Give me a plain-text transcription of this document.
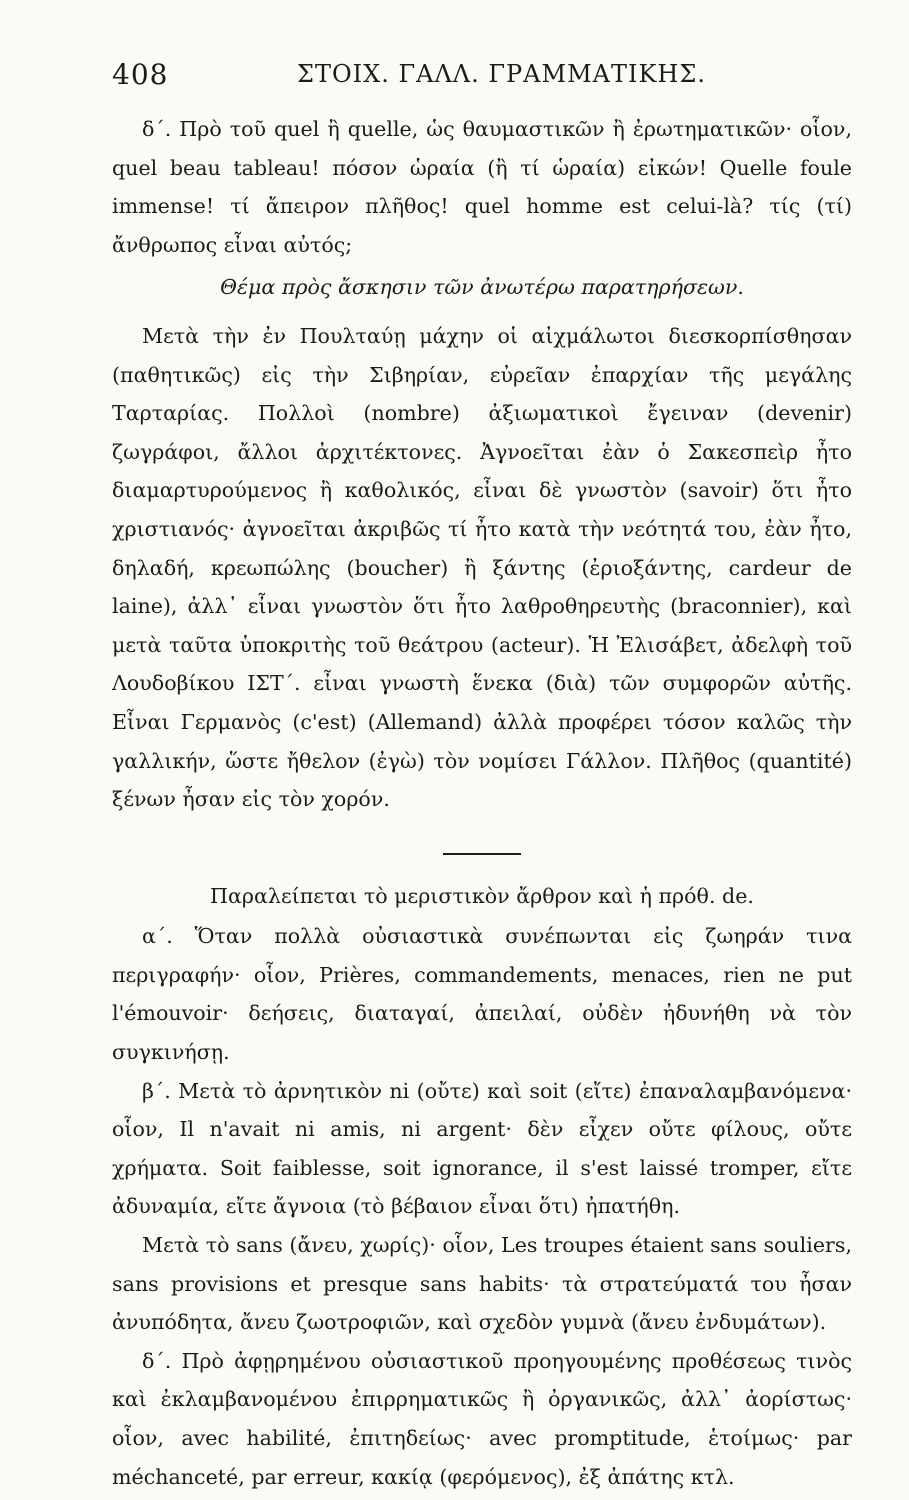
408	ΣΤΟΙΧ. ΓΑΛΛ. ΓΡΑΜΜΑΤΙΚΗΣ.

δ΄. Πρὸ τοῦ quel ἢ quelle, ὡς θαυμαστικῶν ἢ ἐρωτηματικῶν· οἷον, quel beau tableau! πόσον ὡραία (ἢ τί ὡραία) εἰκών! Quelle foule immense! τί ἄπειρον πλῆθος! quel homme est celui-là? τίς (τί) ἄνθρωπος εἶναι αὐτός;

Θέμα πρὸς ἄσκησιν τῶν ἀνωτέρω παρατηρήσεων.

Μετὰ τὴν ἐν Πουλταύῃ μάχην οἱ αἰχμάλωτοι διεσκορπίσθησαν (παθητικῶς) εἰς τὴν Σιβηρίαν, εὐρεῖαν ἐπαρχίαν τῆς μεγάλης Ταρταρίας. Πολλοὶ (nombre) ἀξιωματικοὶ ἔγειναν (devenir) ζωγράφοι, ἄλλοι ἀρχιτέκτονες. Ἀγνοεῖται ἐὰν ὁ Σακεσπεὶρ ἦτο διαμαρτυρούμενος ἢ καθολικός, εἶναι δὲ γνωστὸν (savoir) ὅτι ἦτο χριστιανός· ἀγνοεῖται ἀκριβῶς τί ἦτο κατὰ τὴν νεότητά του, ἐὰν ἦτο, δηλαδή, κρεωπώλης (boucher) ἢ ξάντης (ἐριοξάντης, cardeur de laine), ἀλλ᾽ εἶναι γνωστὸν ὅτι ἦτο λαθροθηρευτὴς (braconnier), καὶ μετὰ ταῦτα ὑποκριτὴς τοῦ θεάτρου (acteur). Ἡ Ἐλισάβετ, ἀδελφὴ τοῦ Λουδοβίκου ΙΣΤ΄. εἶναι γνωστὴ ἕνεκα (διὰ) τῶν συμφορῶν αὐτῆς. Εἶναι Γερμανὸς (c'est) (Allemand) ἀλλὰ προφέρει τόσον καλῶς τὴν γαλλικήν, ὥστε ἤθελον (ἐγὼ) τὸν νομίσει Γάλλον. Πλῆθος (quantité) ξένων ἦσαν εἰς τὸν χορόν.

Παραλείπεται τὸ μεριστικὸν ἄρθρον καὶ ἡ πρόθ. de.

α΄. Ὅταν πολλὰ οὐσιαστικὰ συνέπωνται εἰς ζωηράν τινα περιγραφήν· οἷον, Prières, commandements, menaces, rien ne put l'émouvoir· δεήσεις, διαταγαί, ἀπειλαί, οὐδὲν ἠδυνήθη νὰ τὸν συγκινήσῃ.

β΄. Μετὰ τὸ ἀρνητικὸν ni (οὔτε) καὶ soit (εἴτε) ἐπαναλαμβανόμενα· οἷον, Il n'avait ni amis, ni argent· δὲν εἶχεν οὔτε φίλους, οὔτε χρήματα. Soit faiblesse, soit ignorance, il s'est laissé tromper, εἴτε ἀδυναμία, εἴτε ἄγνοια (τὸ βέβαιον εἶναι ὅτι) ἠπατήθη.

Μετὰ τὸ sans (ἄνευ, χωρίς)· οἷον, Les troupes étaient sans souliers, sans provisions et presque sans habits· τὰ στρατεύματά του ἦσαν ἀνυπόδητα, ἄνευ ζωοτροφιῶν, καὶ σχεδὸν γυμνὰ (ἄνευ ἐνδυμάτων).

δ΄. Πρὸ ἀφῃρημένου οὐσιαστικοῦ προηγουμένης προθέσεως τινὸς καὶ ἐκλαμβανομένου ἐπιρρηματικῶς ἢ ὀργανικῶς, ἀλλ᾽ ἀορίστως· οἷον, avec habilité, ἐπιτηδείως· avec promptitude, ἑτοίμως· par méchanceté, par erreur, κακίᾳ (φερόμενος), ἐξ ἀπάτης κτλ.
